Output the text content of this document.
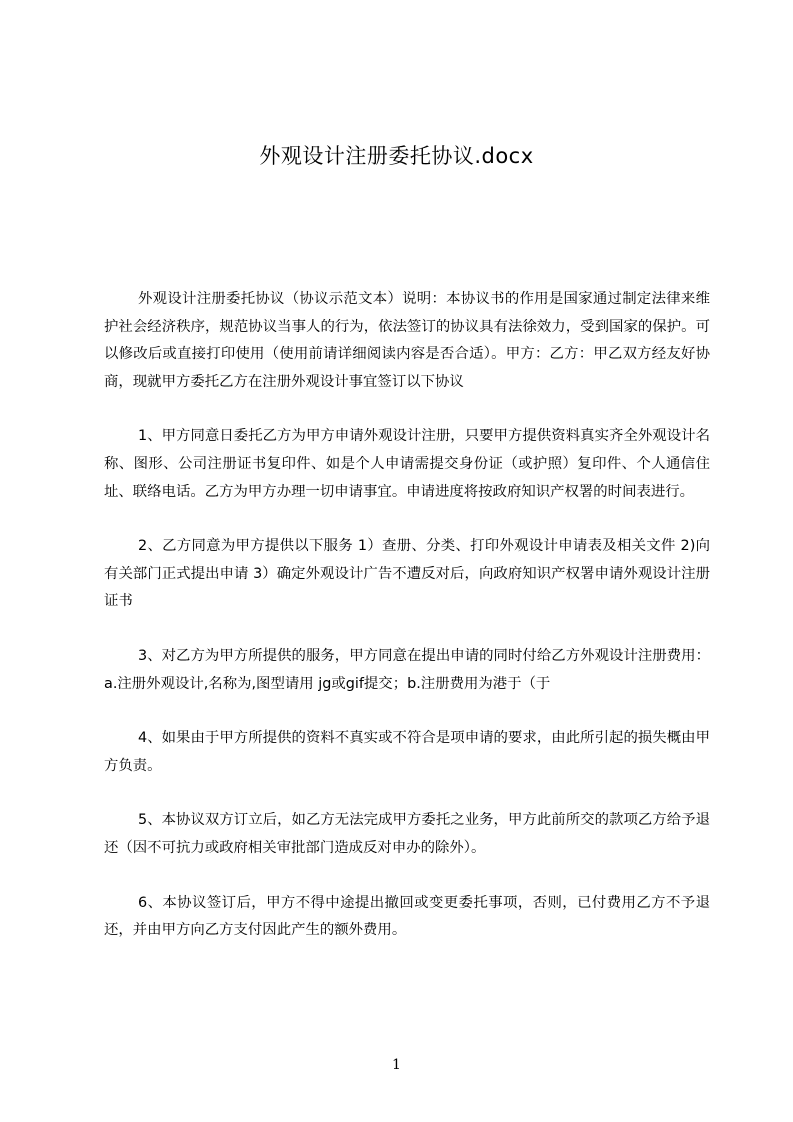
外观设计注册委托协议.docx

外观设计注册委托协议（协议示范文本）说明：本协议书的作用是国家通过制定法律来维护社会经济秩序，规范协议当事人的行为，依法签订的协议具有法徐效力，受到国家的保护。可以修改后或直接打印使用（使用前请详细阅读内容是否合适）。甲方：乙方：甲乙双方经友好协商，现就甲方委托乙方在注册外观设计事宜签订以下协议

1、甲方同意日委托乙方为甲方申请外观设计注册，只要甲方提供资料真实齐全外观设计名称、图形、公司注册证书复印件、如是个人申请需提交身份证（或护照）复印件、个人通信住址、联络电话。乙方为甲方办理一切申请事宜。申请进度将按政府知识产权署的时间表进行。

2、乙方同意为甲方提供以下服务 1）查册、分类、打印外观设计申请表及相关文件 2)向有关部门正式提出申请 3）确定外观设计广告不遭反对后，向政府知识产权署申请外观设计注册证书

3、对乙方为甲方所提供的服务，甲方同意在提出申请的同时付给乙方外观设计注册费用：a.注册外观设计,名称为,图型请用 jg或gif提交；b.注册费用为港于（于

4、如果由于甲方所提供的资料不真实或不符合是项申请的要求，由此所引起的损失概由甲方负责。

5、本协议双方订立后，如乙方无法完成甲方委托之业务，甲方此前所交的款项乙方给予退还（因不可抗力或政府相关审批部门造成反对申办的除外）。

6、本协议签订后，甲方不得中途提出撤回或变更委托事项，否则，已付费用乙方不予退还，并由甲方向乙方支付因此产生的额外费用。

1
